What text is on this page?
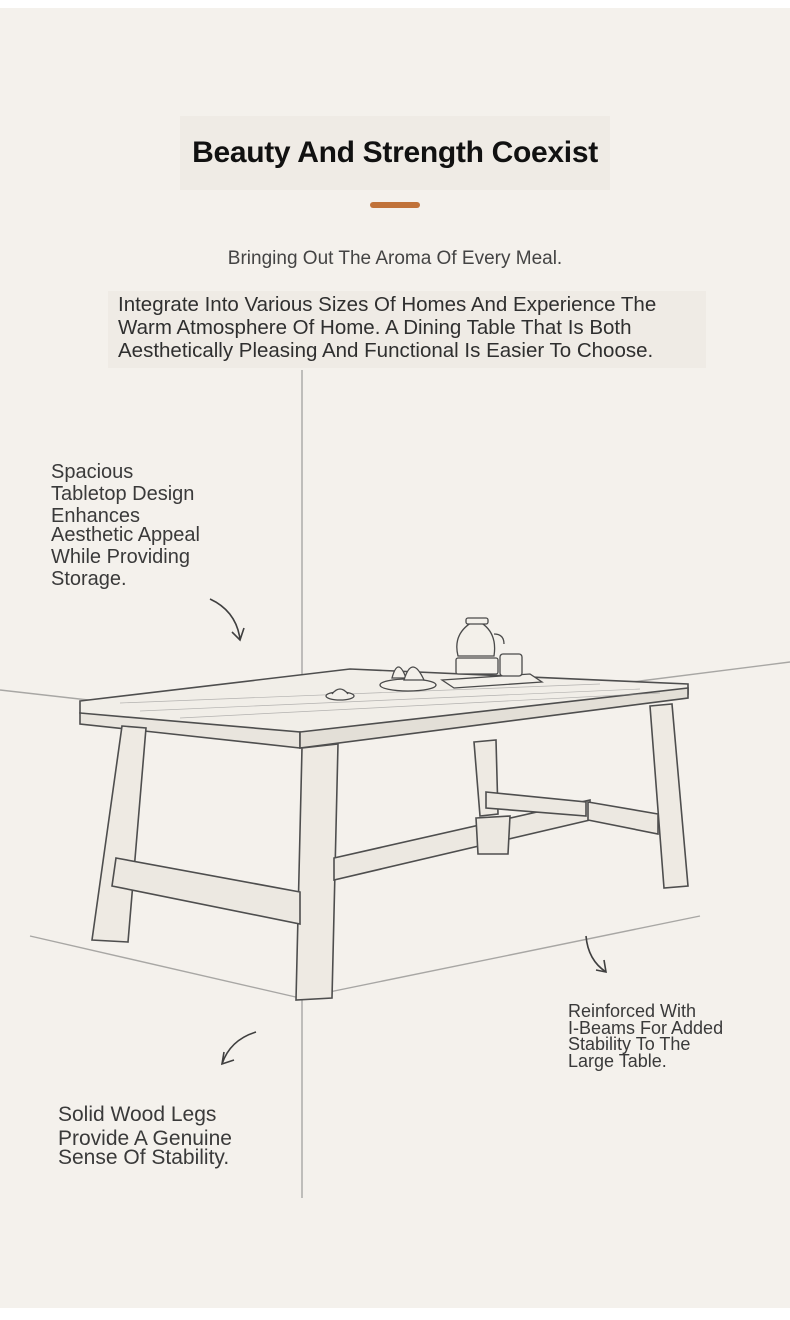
Beauty And Strength Coexist
Bringing Out The Aroma Of Every Meal.
Integrate Into Various Sizes Of Homes And Experience The
Warm Atmosphere Of Home. A Dining Table That Is Both
Aesthetically Pleasing And Functional Is Easier To Choose.
Spacious
Tabletop Design
Enhances
Aesthetic Appeal
While Providing
Storage.
Reinforced With
I-Beams For Added
Stability To The
Large Table.
Solid Wood Legs
Provide A Genuine
Sense Of Stability.
